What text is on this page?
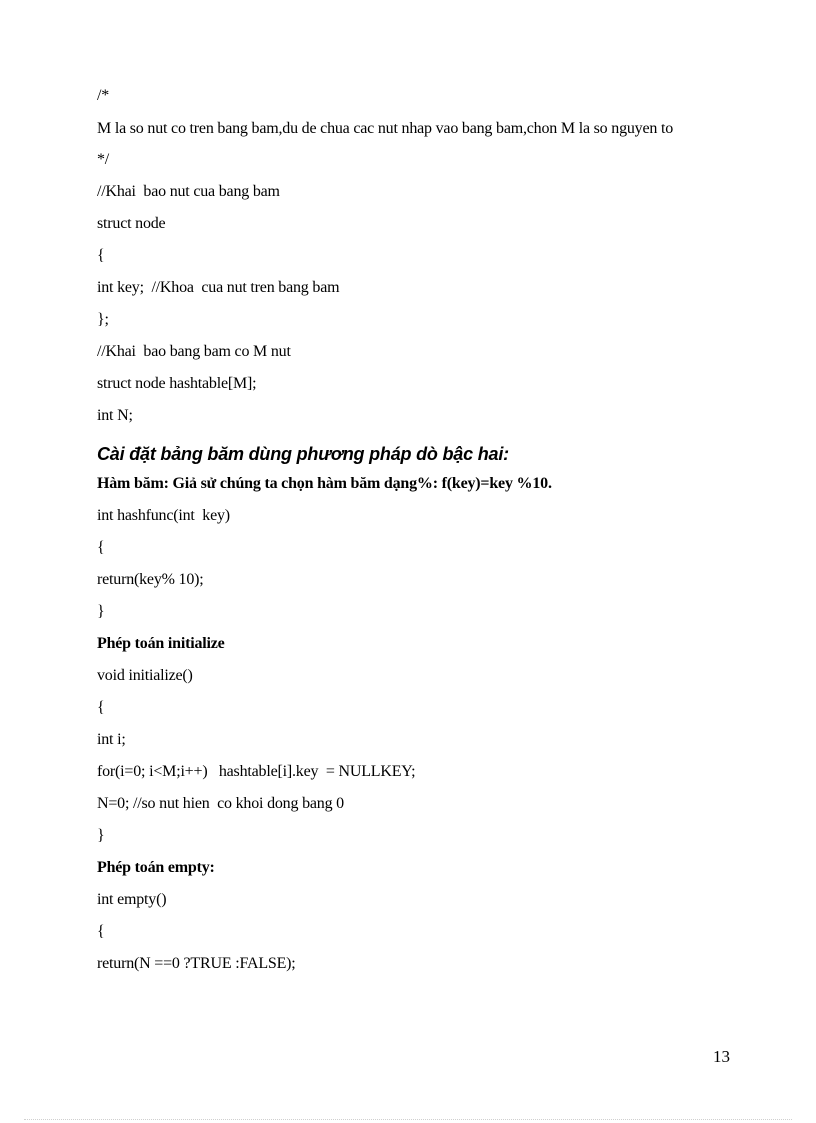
/*
M la so nut co tren bang bam,du de chua cac nut nhap vao bang bam,chon M la so nguyen to
*/
//Khai  bao nut cua bang bam
struct node
{
int key;  //Khoa  cua nut tren bang bam
};
//Khai  bao bang bam co M nut
struct node hashtable[M];
int N;
Cài đặt bảng băm dùng phương pháp dò bậc hai:
Hàm băm: Giả sử chúng ta chọn hàm băm dạng%: f(key)=key %10.
int hashfunc(int  key)
{
return(key% 10);
}
Phép toán initialize
void initialize()
{
int i;
for(i=0; i<M;i++)   hashtable[i].key  = NULLKEY;
N=0; //so nut hien  co khoi dong bang 0
}
Phép toán empty:
int empty()
{
return(N ==0 ?TRUE :FALSE);
13
